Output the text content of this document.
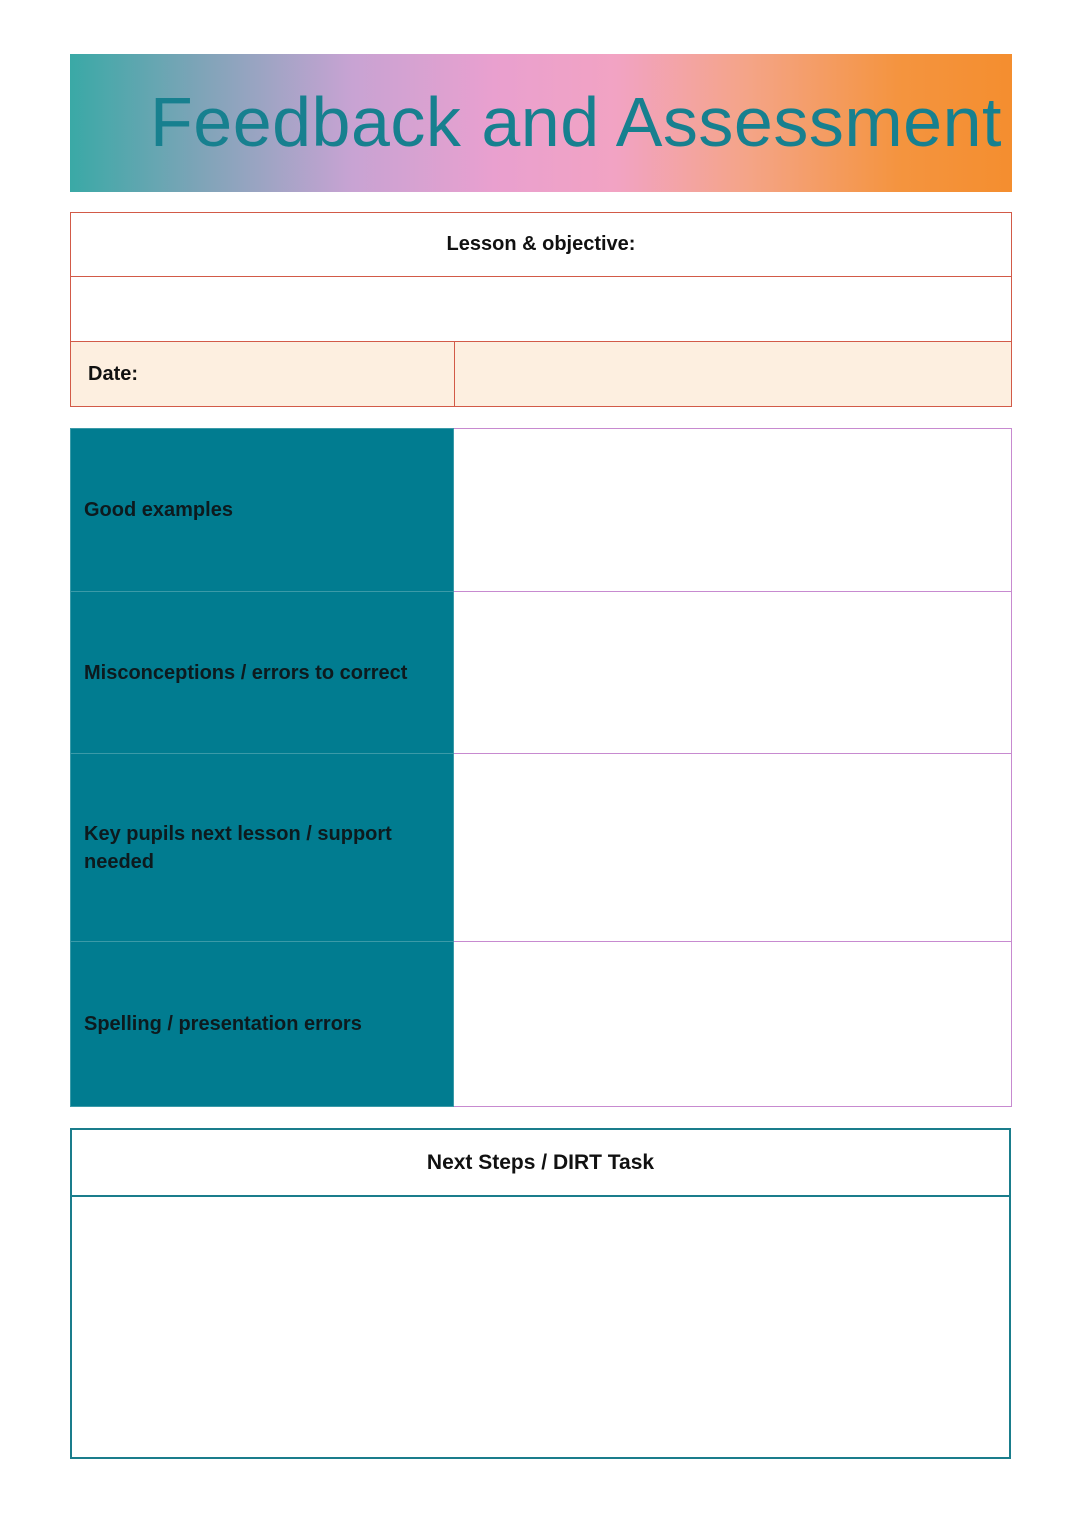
Feedback and Assessment
Lesson & objective:

Date:	
Good examples	
Misconceptions / errors to correct	
Key pupils next lesson / support needed	
Spelling / presentation errors	
Next Steps / DIRT Task
